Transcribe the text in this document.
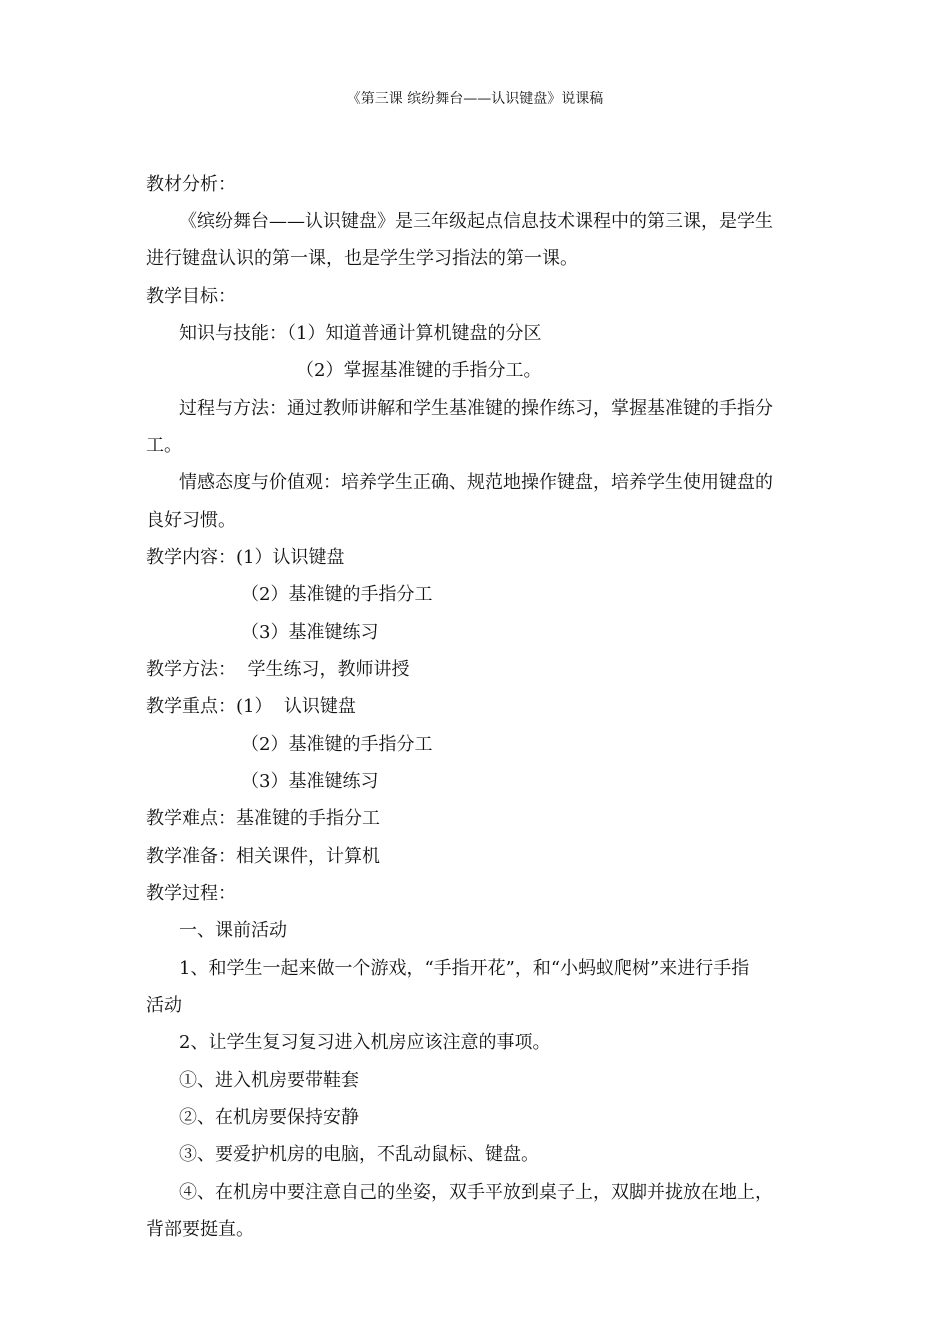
《第三课 缤纷舞台——认识键盘》说课稿
教材分析：
《缤纷舞台——认识键盘》是三年级起点信息技术课程中的第三课，是学生
进行键盘认识的第一课，也是学生学习指法的第一课。
教学目标：
知识与技能：（1）知道普通计算机键盘的分区
（2）掌握基准键的手指分工。
过程与方法：通过教师讲解和学生基准键的操作练习，掌握基准键的手指分
工。
情感态度与价值观：培养学生正确、规范地操作键盘，培养学生使用键盘的
良好习惯。
教学内容：(1）认识键盘
（2）基准键的手指分工
（3）基准键练习
教学方法：  学生练习，教师讲授
教学重点：(1）  认识键盘
（2）基准键的手指分工
（3）基准键练习
教学难点：基准键的手指分工
教学准备：相关课件，计算机
教学过程：
一、课前活动
1、和学生一起来做一个游戏，“手指开花”，和“小蚂蚁爬树”来进行手指
活动
2、让学生复习复习进入机房应该注意的事项。
①、进入机房要带鞋套
②、在机房要保持安静
③、要爱护机房的电脑，不乱动鼠标、键盘。
④、在机房中要注意自己的坐姿，双手平放到桌子上，双脚并拢放在地上，
背部要挺直。
